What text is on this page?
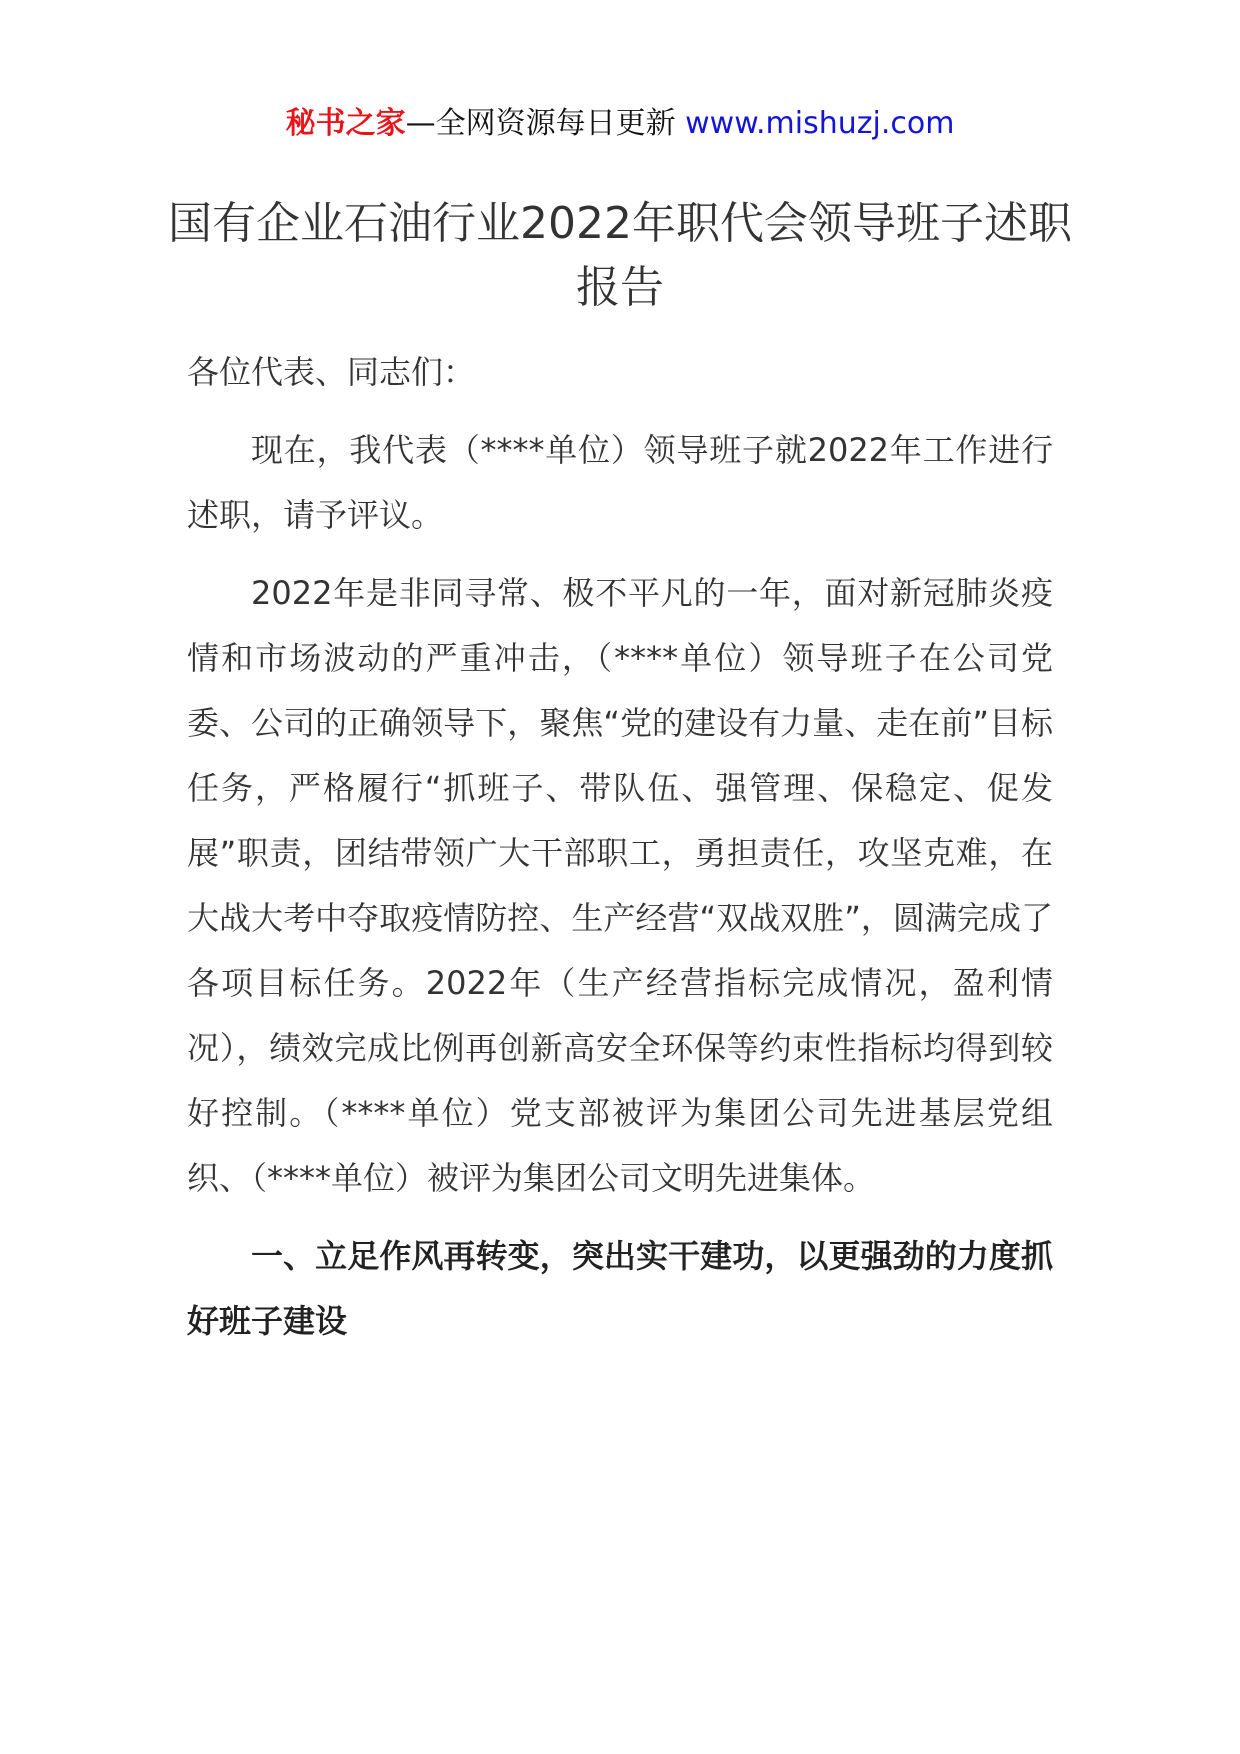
秘书之家—全网资源每日更新 www.mishuzj.com
国有企业石油行业2022年职代会领导班子述职报告

各位代表、同志们：

现在，我代表（****单位）领导班子就2022年工作进行述职，请予评议。

2022年是非同寻常、极不平凡的一年，面对新冠肺炎疫情和市场波动的严重冲击，（****单位）领导班子在公司党委、公司的正确领导下，聚焦“党的建设有力量、走在前”目标任务，严格履行“抓班子、带队伍、强管理、保稳定、促发展”职责，团结带领广大干部职工，勇担责任，攻坚克难，在大战大考中夺取疫情防控、生产经营“双战双胜”，圆满完成了各项目标任务。2022年（生产经营指标完成情况，盈利情况），绩效完成比例再创新高安全环保等约束性指标均得到较好控制。（****单位）党支部被评为集团公司先进基层党组织、（****单位）被评为集团公司文明先进集体。

一、立足作风再转变，突出实干建功，以更强劲的力度抓好班子建设
